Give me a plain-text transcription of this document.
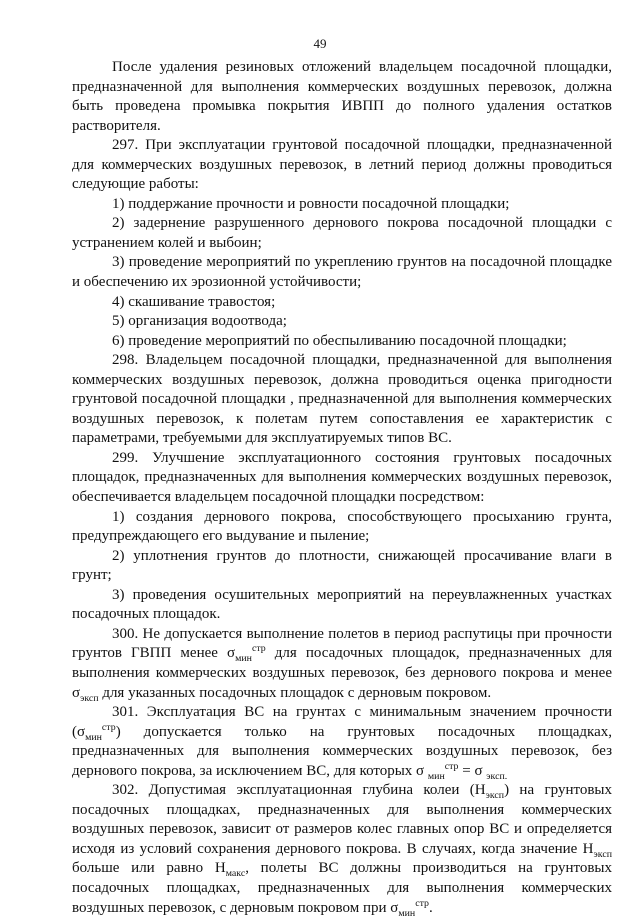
49

После удаления резиновых отложений владельцем посадочной площадки, предназначенной для выполнения коммерческих воздушных перевозок, должна быть проведена промывка покрытия ИВПП до полного удаления остатков растворителя.

297. При эксплуатации грунтовой посадочной площадки, предназначенной для коммерческих воздушных перевозок, в летний период должны проводиться следующие работы:

1) поддержание прочности и ровности посадочной площадки;

2) задернение разрушенного дернового покрова посадочной площадки с устранением колей и выбоин;

3) проведение мероприятий по укреплению грунтов на посадочной площадке и обеспечению их эрозионной устойчивости;

4) скашивание травостоя;

5) организация водоотвода;

6) проведение мероприятий по обеспыливанию посадочной площадки;

298. Владельцем посадочной площадки, предназначенной для выполнения коммерческих воздушных перевозок, должна проводиться оценка пригодности грунтовой посадочной площадки , предназначенной для выполнения коммерческих воздушных перевозок, к полетам путем сопоставления ее характеристик с параметрами, требуемыми для эксплуатируемых типов ВС.

299. Улучшение эксплуатационного состояния грунтовых посадочных площадок, предназначенных для выполнения коммерческих воздушных перевозок, обеспечивается владельцем посадочной площадки посредством:

1) создания дернового покрова, способствующего просыханию грунта, предупреждающего его выдувание и пыление;

2) уплотнения грунтов до плотности, снижающей просачивание влаги в грунт;

3) проведения осушительных мероприятий на переувлажненных участках посадочных площадок.

300. Не допускается выполнение полетов в период распутицы при прочности грунтов ГВПП менее $\sigma_{мин}^{стр}$ для посадочных площадок, предназначенных для выполнения коммерческих воздушных перевозок, без дернового покрова и менее $\sigma_{эксп}$ для указанных посадочных площадок с дерновым покровом.

301. Эксплуатация ВС на грунтах с минимальным значением прочности $(\sigma_{мин}^{стр})$ допускается только на грунтовых посадочных площадках, предназначенных для выполнения коммерческих воздушных перевозок, без дернового покрова, за исключением ВС, для которых σ $_{мин}^{стр}$ = σ $_{эксп.}$

302. Допустимая эксплуатационная глубина колеи $(Н_{эксп})$ на грунтовых посадочных площадках, предназначенных для выполнения коммерческих воздушных перевозок, зависит от размеров колес главных опор ВС и определяется исходя из условий сохранения дернового покрова. В случаях, когда значение $Н_{эксп}$ больше или равно $Н_{макс}$, полеты ВС должны производиться на грунтовых посадочных площадках, предназначенных для выполнения коммерческих воздушных перевозок, с дерновым покровом при $\sigma_{мин}^{стр}$.
